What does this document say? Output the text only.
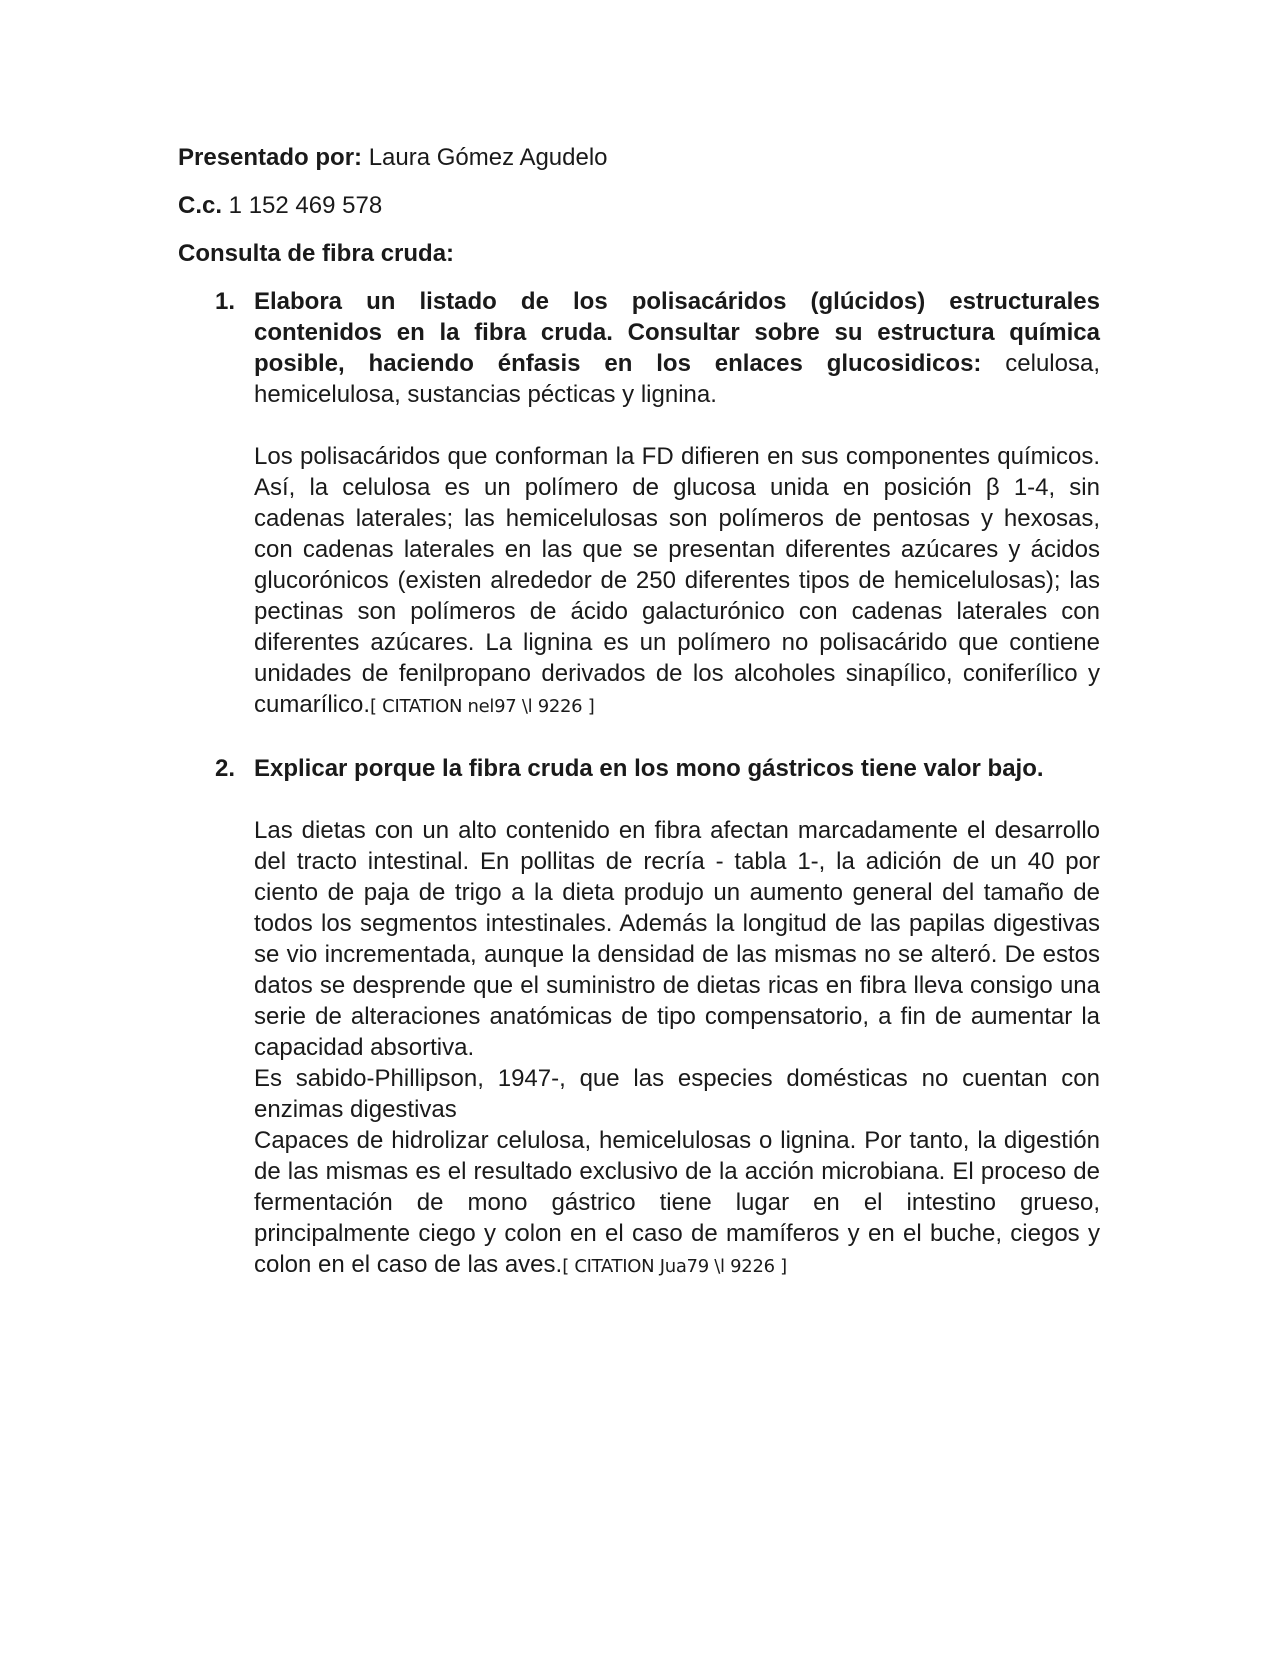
Presentado por: Laura Gómez Agudelo
C.c. 1 152 469 578
Consulta de fibra cruda:
1. Elabora un listado de los polisacáridos (glúcidos) estructurales contenidos en la fibra cruda. Consultar sobre su estructura química posible, haciendo énfasis en los enlaces glucosidicos: celulosa, hemicelulosa, sustancias pécticas y lignina.

Los polisacáridos que conforman la FD difieren en sus componentes químicos. Así, la celulosa es un polímero de glucosa unida en posición β 1-4, sin cadenas laterales; las hemicelulosas son polímeros de pentosas y hexosas, con cadenas laterales en las que se presentan diferentes azúcares y ácidos glucorónicos (existen alrededor de 250 diferentes tipos de hemicelulosas); las pectinas son polímeros de ácido galacturónico con cadenas laterales con diferentes azúcares. La lignina es un polímero no polisacárido que contiene unidades de fenilpropano derivados de los alcoholes sinapílico, coniferílico y cumarílico.[ CITATION nel97 \l 9226 ]

2. Explicar porque la fibra cruda en los mono gástricos tiene valor bajo.

Las dietas con un alto contenido en fibra afectan marcadamente el desarrollo del tracto intestinal. En pollitas de recría - tabla 1-, la adición de un 40 por ciento de paja de trigo a la dieta produjo un aumento general del tamaño de todos los segmentos intestinales. Además la longitud de las papilas digestivas se vio incrementada, aunque la densidad de las mismas no se alteró. De estos datos se desprende que el suministro de dietas ricas en fibra lleva consigo una serie de alteraciones anatómicas de tipo compensatorio, a fin de aumentar la capacidad absortiva.

Es sabido-Phillipson, 1947-, que las especies domésticas no cuentan con enzimas digestivas

Capaces de hidrolizar celulosa, hemicelulosas o lignina. Por tanto, la digestión de las mismas es el resultado exclusivo de la acción microbiana. El proceso de fermentación de mono gástrico tiene lugar en el intestino grueso, principalmente ciego y colon en el caso de mamíferos y en el buche, ciegos y colon en el caso de las aves.[ CITATION Jua79 \l 9226 ]
